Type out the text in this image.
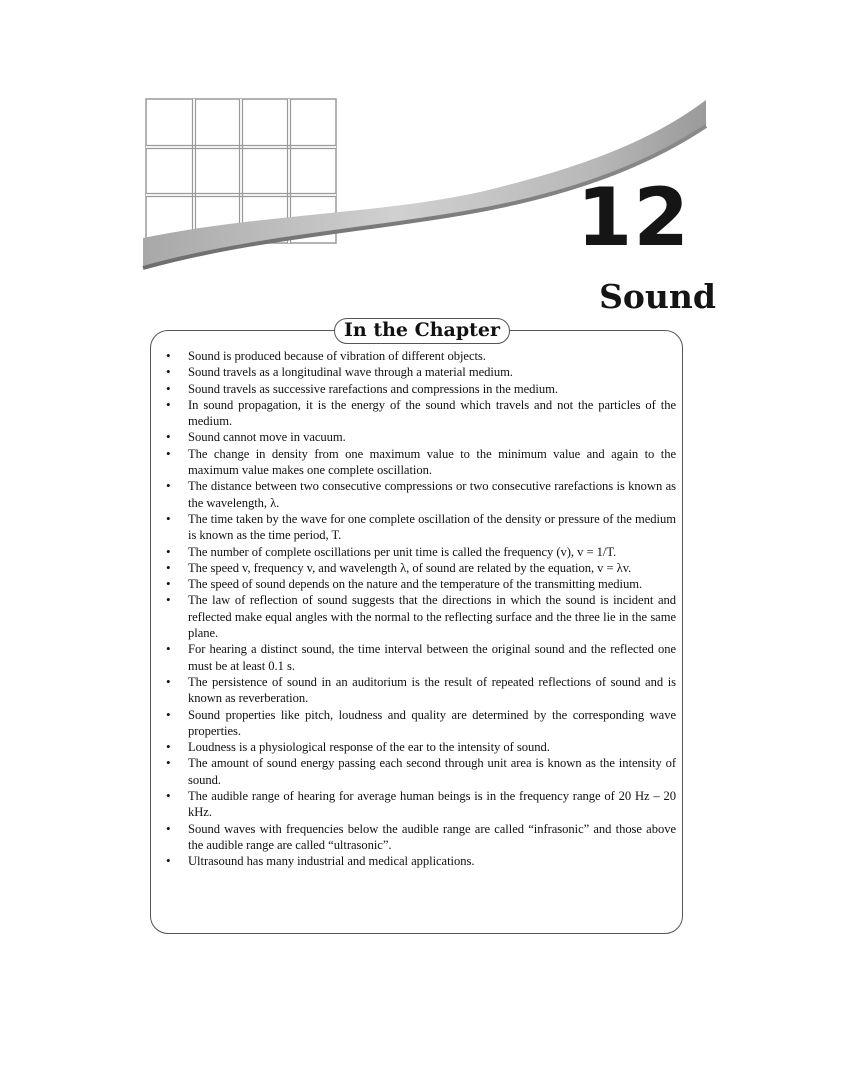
12
Sound
In the Chapter
• Sound is produced because of vibration of different objects.
• Sound travels as a longitudinal wave through a material medium.
• Sound travels as successive rarefactions and compressions in the medium.
• In sound propagation, it is the energy of the sound which travels and not the particles of the medium.
• Sound cannot move in vacuum.
• The change in density from one maximum value to the minimum value and again to the maximum value makes one complete oscillation.
• The distance between two consecutive compressions or two consecutive rarefactions is known as the wavelength, λ.
• The time taken by the wave for one complete oscillation of the density or pressure of the medium is known as the time period, T.
• The number of complete oscillations per unit time is called the frequency (v), v = 1/T.
• The speed v, frequency v, and wavelength λ, of sound are related by the equation, v = λv.
• The speed of sound depends on the nature and the temperature of the transmitting medium.
• The law of reflection of sound suggests that the directions in which the sound is incident and reflected make equal angles with the normal to the reflecting surface and the three lie in the same plane.
• For hearing a distinct sound, the time interval between the original sound and the reflected one must be at least 0.1 s.
• The persistence of sound in an auditorium is the result of repeated reflections of sound and is known as reverberation.
• Sound properties like pitch, loudness and quality are determined by the corresponding wave properties.
• Loudness is a physiological response of the ear to the intensity of sound.
• The amount of sound energy passing each second through unit area is known as the intensity of sound.
• The audible range of hearing for average human beings is in the frequency range of 20 Hz – 20 kHz.
• Sound waves with frequencies below the audible range are called “infrasonic” and those above the audible range are called “ultrasonic”.
• Ultrasound has many industrial and medical applications.
